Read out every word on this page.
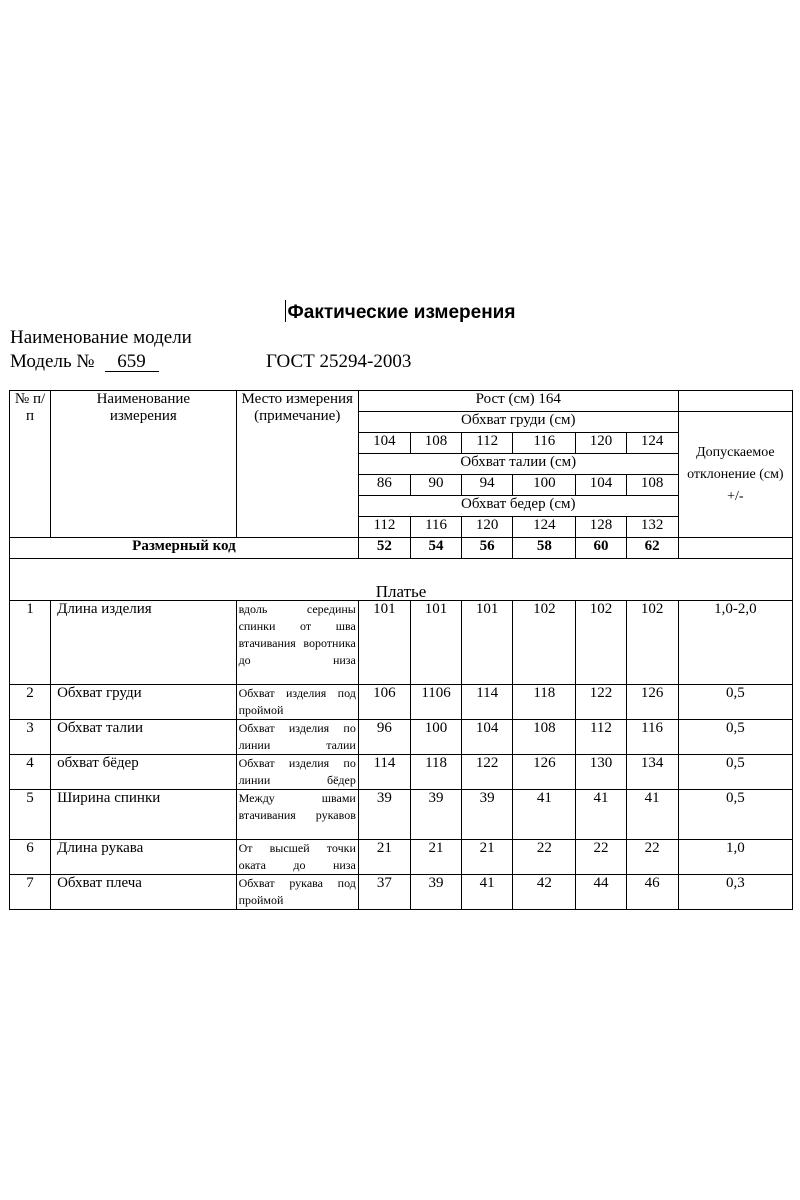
Фактические измерения
Наименование модели
Модель № 659	ГОСТ 25294-2003
№ п/п	Наименование измерения	Место измерения (примечание)	Рост (см) 164						
			Обхват груди (см)						Допускаемое отклонение (см) +/-
			104	108	112	116	120	124	
			Обхват талии (см)						
			86	90	94	100	104	108	
			Обхват бедер (см)						
			112	116	120	124	128	132	
Размерный код			52	54	56	58	60	62	
Платье									
1	Длина изделия	вдоль середины спинки от шва втачивания воротника до низа	101	101	101	102	102	102	1,0-2,0
2	Обхват груди	Обхват изделия под проймой	106	1106	114	118	122	126	0,5
3	Обхват талии	Обхват изделия по линии талии	96	100	104	108	112	116	0,5
4	обхват бёдер	Обхват изделия по линии бёдер	114	118	122	126	130	134	0,5
5	Ширина спинки	Между швами втачивания рукавов	39	39	39	41	41	41	0,5
6	Длина рукава	От высшей точки оката до низа	21	21	21	22	22	22	1,0
7	Обхват плеча	Обхват рукава под проймой	37	39	41	42	44	46	0,3
